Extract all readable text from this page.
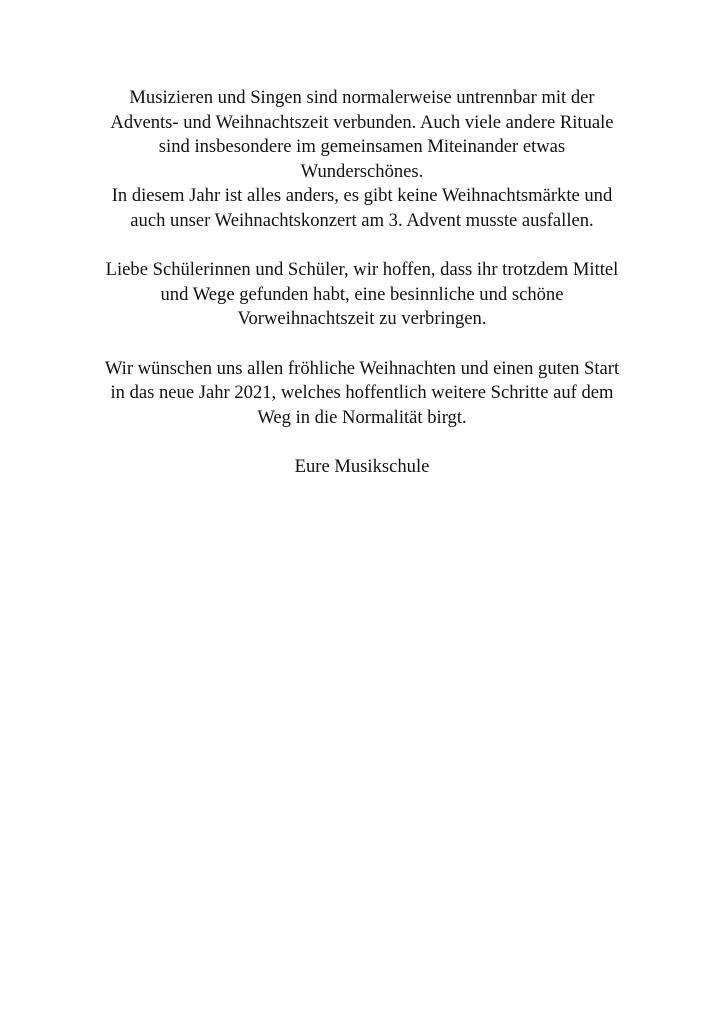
Musizieren und Singen sind normalerweise untrennbar mit der
Advents- und Weihnachtszeit verbunden. Auch viele andere Rituale
sind insbesondere im gemeinsamen Miteinander etwas
Wunderschönes.
In diesem Jahr ist alles anders, es gibt keine Weihnachtsmärkte und
auch unser Weihnachtskonzert am 3. Advent musste ausfallen.

Liebe Schülerinnen und Schüler, wir hoffen, dass ihr trotzdem Mittel
und Wege gefunden habt, eine besinnliche und schöne
Vorweihnachtszeit zu verbringen.

Wir wünschen uns allen fröhliche Weihnachten und einen guten Start
in das neue Jahr 2021, welches hoffentlich weitere Schritte auf dem
Weg in die Normalität birgt.

Eure Musikschule
